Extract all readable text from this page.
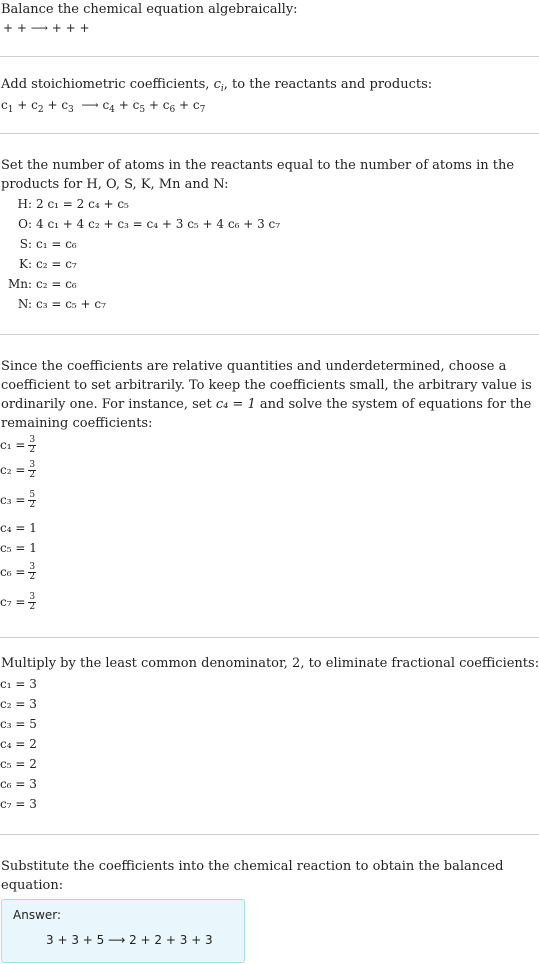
Balance the chemical equation algebraically:
+ + ⟶ + + +
Add stoichiometric coefficients, $c_i$, to the reactants and products:
$c_1 + c_2 + c_3$  ⟶ $c_4 + c_5 + c_6 + c_7$
Set the number of atoms in the reactants equal to the number of atoms in the
products for H, O, S, K, Mn and N:
H: 2 c₁ = 2 c₄ + c₅
O: 4 c₁ + 4 c₂ + c₃ = c₄ + 3 c₅ + 4 c₆ + 3 c₇
S: c₁ = c₆
K: c₂ = c₇
Mn: c₂ = c₆
N: c₃ = c₅ + c₇
Since the coefficients are relative quantities and underdetermined, choose a
coefficient to set arbitrarily. To keep the coefficients small, the arbitrary value is
ordinarily one. For instance, set c₄ = 1 and solve the system of equations for the
remaining coefficients:
$c_1 = \frac{3}{2}$
$c_2 = \frac{3}{2}$
$c_3 = \frac{5}{2}$
c₄ = 1
c₅ = 1
$c_6 = \frac{3}{2}$
$c_7 = \frac{3}{2}$
Multiply by the least common denominator, 2, to eliminate fractional coefficients:
c₁ = 3
c₂ = 3
c₃ = 5
c₄ = 2
c₅ = 2
c₆ = 3
c₇ = 3
Substitute the coefficients into the chemical reaction to obtain the balanced
equation:
Answer:
3 + 3 + 5 ⟶ 2 + 2 + 3 + 3
